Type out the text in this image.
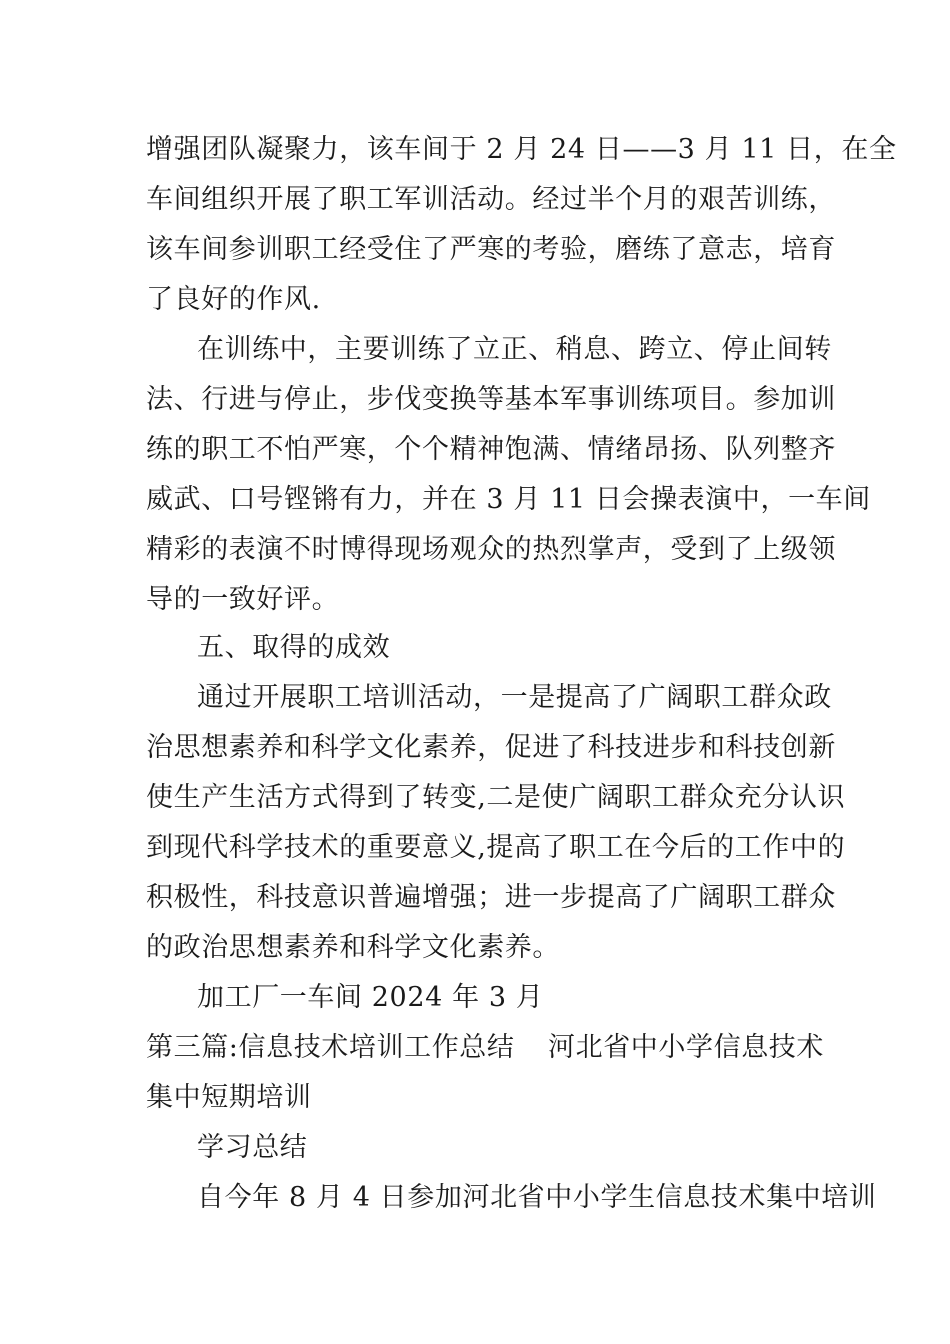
增强团队凝聚力，该车间于 2 月 24 日——3 月 11 日，在全
车间组织开展了职工军训活动。经过半个月的艰苦训练，
该车间参训职工经受住了严寒的考验，磨练了意志，培育
了良好的作风.
在训练中，主要训练了立正、稍息、跨立、停止间转
法、行进与停止，步伐变换等基本军事训练项目。参加训
练的职工不怕严寒，个个精神饱满、情绪昂扬、队列整齐
威武、口号铿锵有力，并在 3 月 11 日会操表演中，一车间
精彩的表演不时博得现场观众的热烈掌声，受到了上级领
导的一致好评。
五、取得的成效
通过开展职工培训活动，一是提高了广阔职工群众政
治思想素养和科学文化素养，促进了科技进步和科技创新
使生产生活方式得到了转变,二是使广阔职工群众充分认识
到现代科学技术的重要意义,提高了职工在今后的工作中的
积极性，科技意识普遍增强；进一步提高了广阔职工群众
的政治思想素养和科学文化素养。
加工厂一车间 2024 年 3 月
第三篇:信息技术培训工作总结 河北省中小学信息技术
集中短期培训
学习总结
自今年 8 月 4 日参加河北省中小学生信息技术集中培训
